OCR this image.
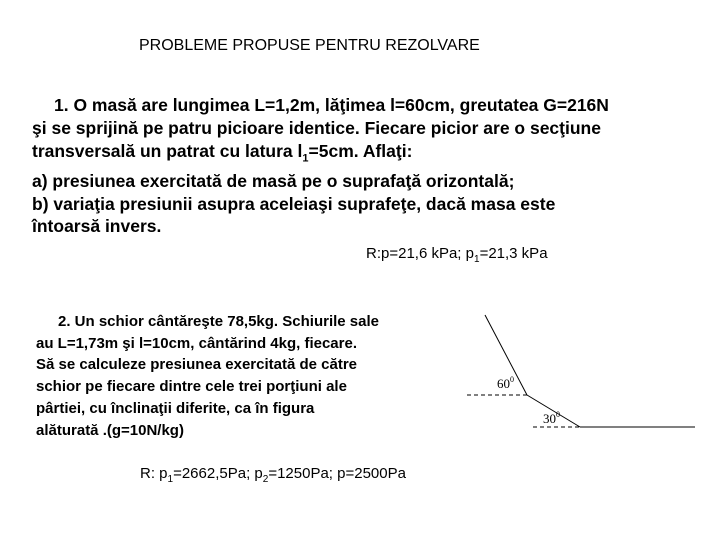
PROBLEME PROPUSE PENTRU REZOLVARE
1. O masă are lungimea L=1,2m, lăţimea l=60cm, greutatea G=216N
şi se sprijină pe patru picioare identice. Fiecare picior are o secţiune
transversală un patrat cu latura $l_1=5cm$. Aflaţi:
a) presiunea exercitată de masă pe o suprafaţă orizontală;
b) variaţia presiunii asupra aceleiaşi suprafeţe, dacă masa este
întoarsă invers.
R:p=21,6 kPa; $p_1=21,3$ kPa
2. Un schior cântăreşte 78,5kg. Schiurile sale
au L=1,73m şi l=10cm, cântărind 4kg, fiecare.
Să se calculeze presiunea exercitată de către
schior pe fiecare dintre cele trei porţiuni ale
pârtiei, cu înclinaţii diferite, ca în figura
alăturată .(g=10N/kg)
R: $p_1=2662,5Pa$; $p_2=1250Pa$; p=2500Pa
$60^0$
$30^0$
